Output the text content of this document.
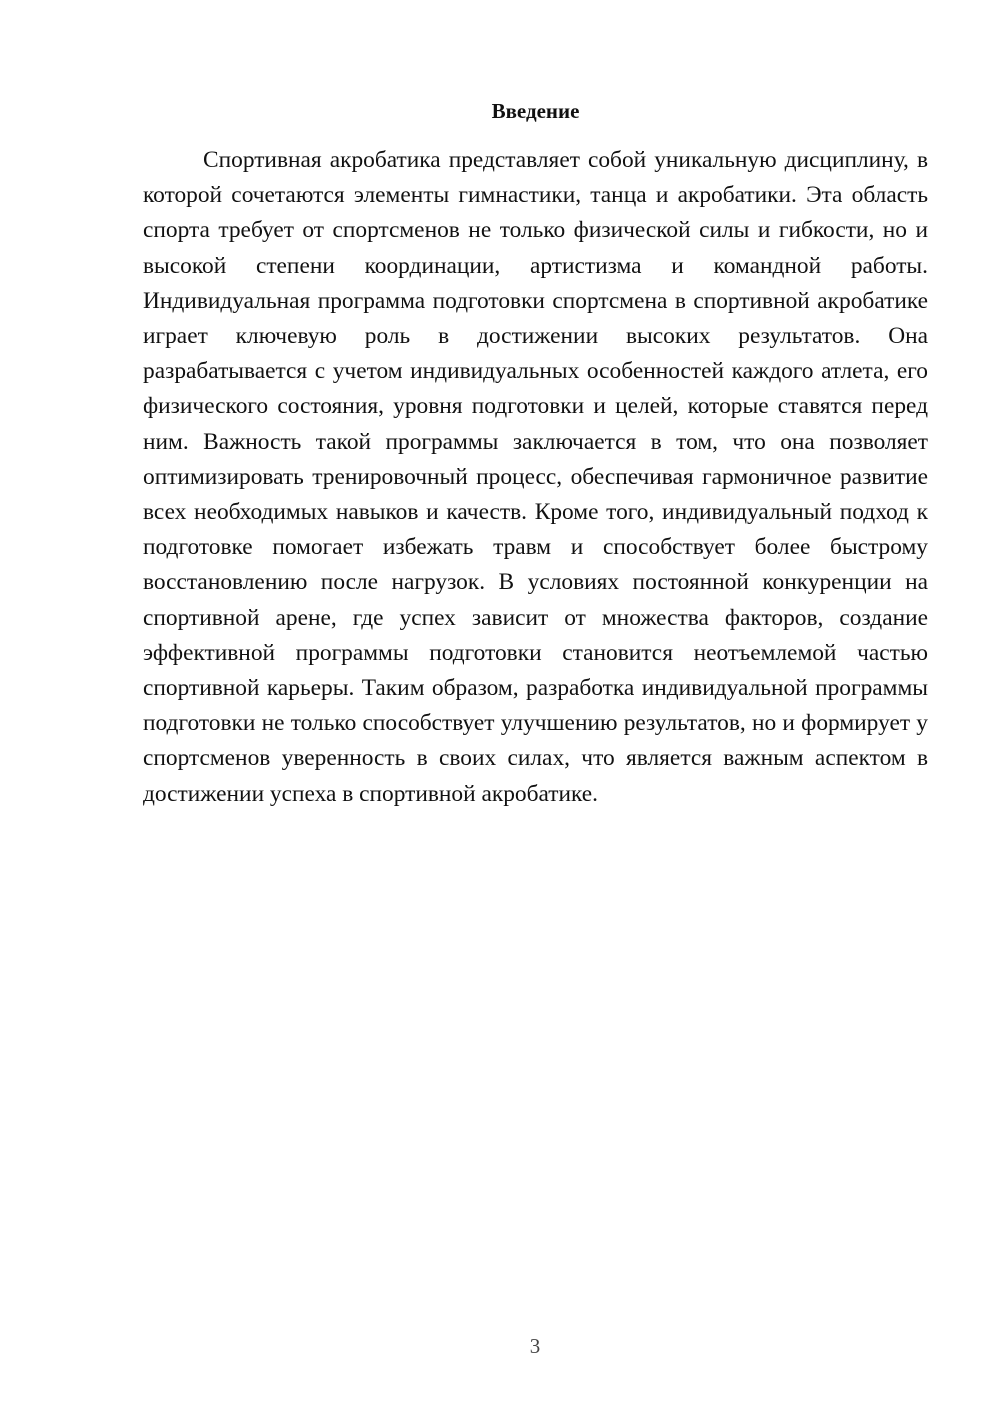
Введение

Спортивная акробатика представляет собой уникальную дисциплину, в которой сочетаются элементы гимнастики, танца и акробатики. Эта область спорта требует от спортсменов не только физической силы и гибкости, но и высокой степени координации, артистизма и командной работы. Индивидуальная программа подготовки спортсмена в спортивной акробатике играет ключевую роль в достижении высоких результатов. Она разрабатывается с учетом индивидуальных особенностей каждого атлета, его физического состояния, уровня подготовки и целей, которые ставятся перед ним. Важность такой программы заключается в том, что она позволяет оптимизировать тренировочный процесс, обеспечивая гармоничное развитие всех необходимых навыков и качеств. Кроме того, индивидуальный подход к подготовке помогает избежать травм и способствует более быстрому восстановлению после нагрузок. В условиях постоянной конкуренции на спортивной арене, где успех зависит от множества факторов, создание эффективной программы подготовки становится неотъемлемой частью спортивной карьеры. Таким образом, разработка индивидуальной программы подготовки не только способствует улучшению результатов, но и формирует у спортсменов уверенность в своих силах, что является важным аспектом в достижении успеха в спортивной акробатике.

3
